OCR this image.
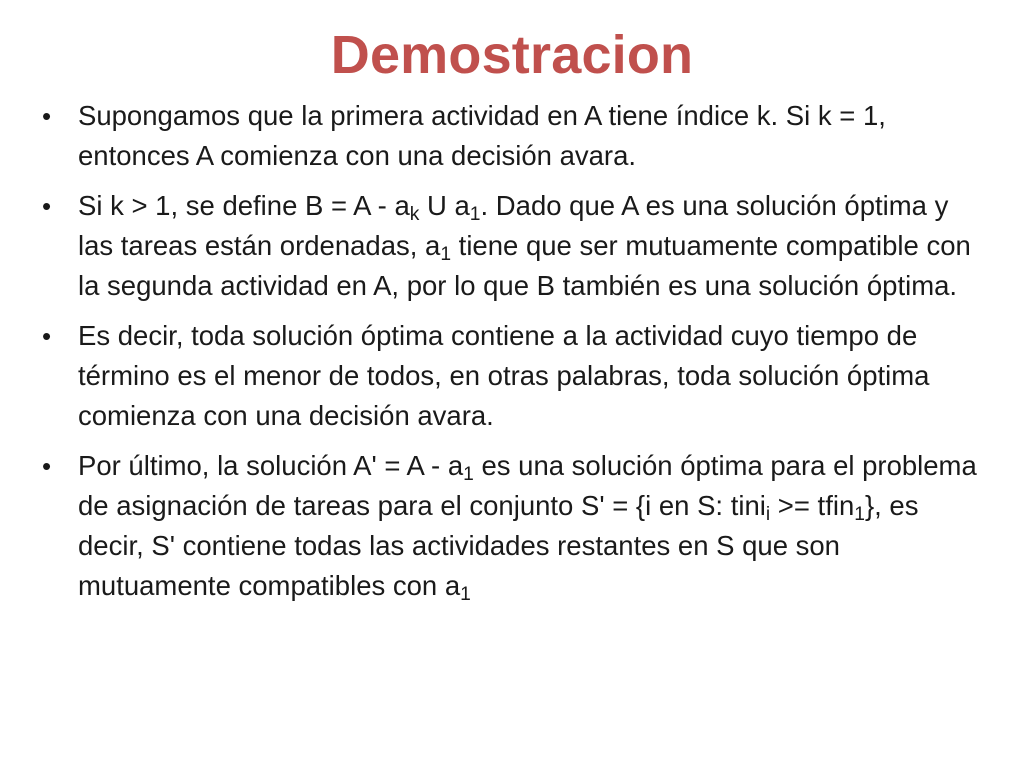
Demostracion
• Supongamos que la primera actividad en A tiene índice k. Si k = 1, entonces A comienza con una decisión avara.
• Si k > 1, se define $B = A - a_k$ U $a_1$. Dado que A es una solución óptima y las tareas están ordenadas, $a_1$ tiene que ser mutuamente compatible con la segunda actividad en A, por lo que B también es una solución óptima.
• Es decir, toda solución óptima contiene a la actividad cuyo tiempo de término es el menor de todos, en otras palabras, toda solución óptima comienza con una decisión avara.
• Por último, la solución $A' = A - a_1$ es una solución óptima para el problema de asignación de tareas para el conjunto S' = {i en S: tini$_i$ >= tfin$_1$}, es decir, S' contiene todas las actividades restantes en S que son mutuamente compatibles con $a_1$
